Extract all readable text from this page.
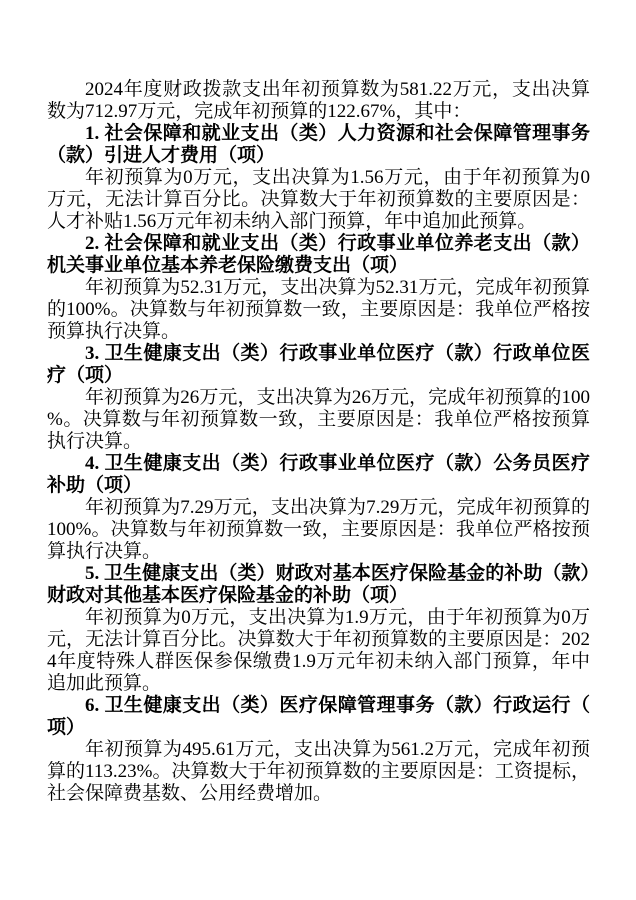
2024年度财政拨款支出年初预算数为581.22万元，支出决算数为712.97万元，完成年初预算的122.67%，其中：

1. 社会保障和就业支出（类）人力资源和社会保障管理事务（款）引进人才费用（项）

年初预算为0万元，支出决算为1.56万元，由于年初预算为0万元，无法计算百分比。决算数大于年初预算数的主要原因是：人才补贴1.56万元年初未纳入部门预算，年中追加此预算。

2. 社会保障和就业支出（类）行政事业单位养老支出（款）机关事业单位基本养老保险缴费支出（项）

年初预算为52.31万元，支出决算为52.31万元，完成年初预算的100%。决算数与年初预算数一致，主要原因是：我单位严格按预算执行决算。

3. 卫生健康支出（类）行政事业单位医疗（款）行政单位医疗（项）

年初预算为26万元，支出决算为26万元，完成年初预算的100%。决算数与年初预算数一致，主要原因是：我单位严格按预算执行决算。

4. 卫生健康支出（类）行政事业单位医疗（款）公务员医疗补助（项）

年初预算为7.29万元，支出决算为7.29万元，完成年初预算的100%。决算数与年初预算数一致，主要原因是：我单位严格按预算执行决算。

5. 卫生健康支出（类）财政对基本医疗保险基金的补助（款）财政对其他基本医疗保险基金的补助（项）

年初预算为0万元，支出决算为1.9万元，由于年初预算为0万元，无法计算百分比。决算数大于年初预算数的主要原因是：2024年度特殊人群医保参保缴费1.9万元年初未纳入部门预算，年中追加此预算。

6. 卫生健康支出（类）医疗保障管理事务（款）行政运行（项）

年初预算为495.61万元，支出决算为561.2万元，完成年初预算的113.23%。决算数大于年初预算数的主要原因是：工资提标，社会保障费基数、公用经费增加。
